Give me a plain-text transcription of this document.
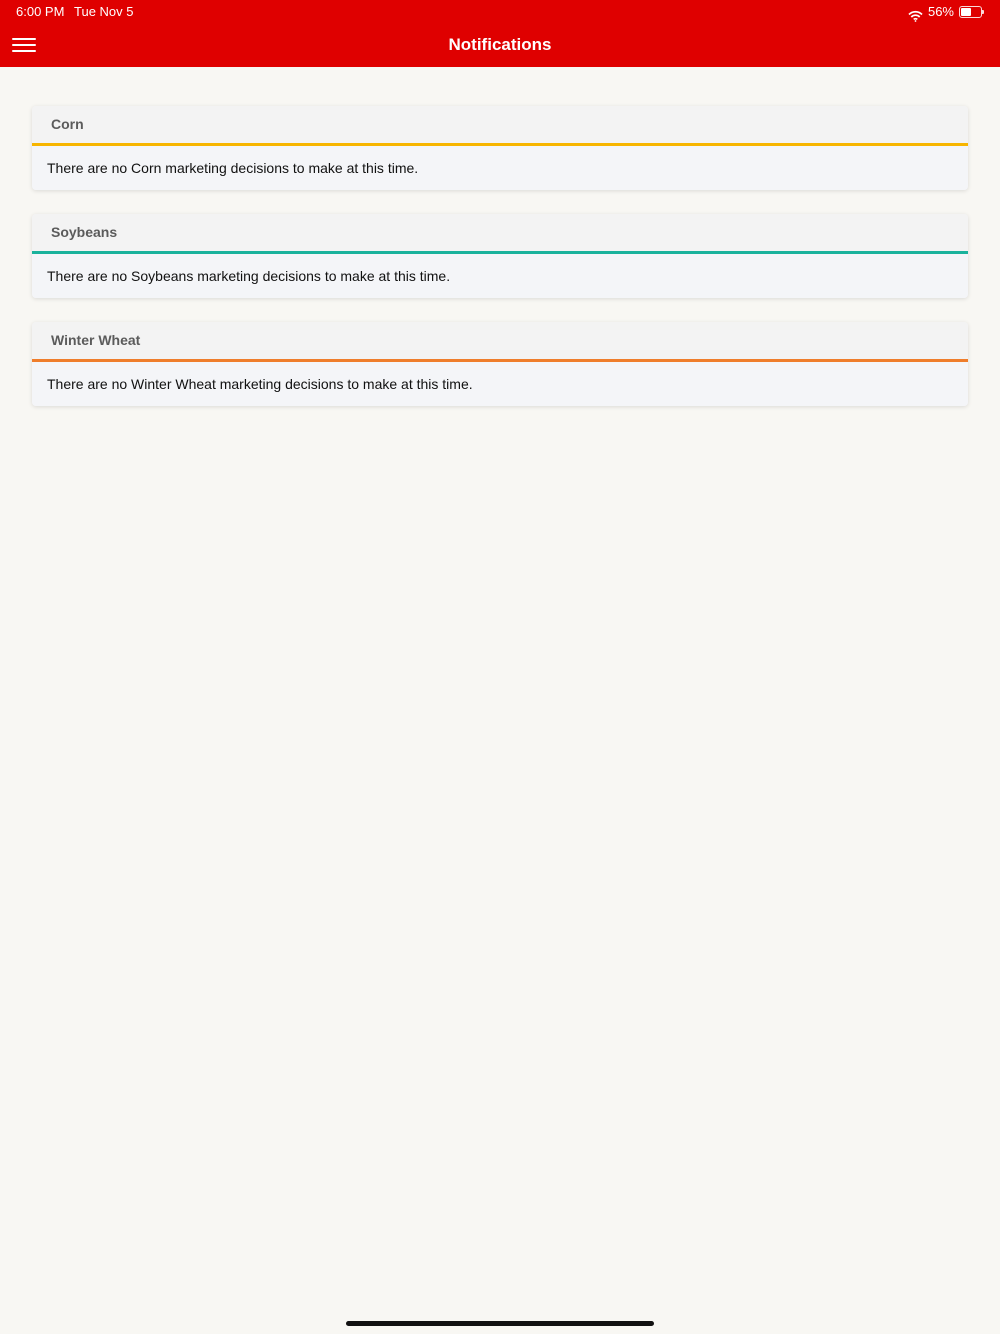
6:00 PM Tue Nov 5	56%
Notifications
Corn
There are no Corn marketing decisions to make at this time.
Soybeans
There are no Soybeans marketing decisions to make at this time.
Winter Wheat
There are no Winter Wheat marketing decisions to make at this time.
